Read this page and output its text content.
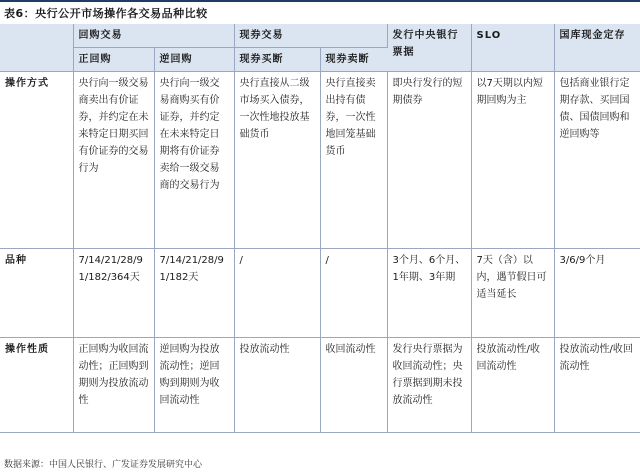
表6：央行公开市场操作各交易品种比较
	回购交易		现券交易		发行中央银行票据	SLO	国库现金定存
	正回购	逆回购	现券买断	现券卖断			
操作方式	央行向一级交易商卖出有价证券，并约定在未来特定日期买回有价证券的交易行为	央行向一级交易商购买有价证券，并约定在未来特定日期将有价证券卖给一级交易商的交易行为	央行直接从二级市场买入债券，一次性地投放基础货币	央行直接卖出持有债券，一次性地回笼基础货币	即央行发行的短期债券	以7天期以内短期回购为主	包括商业银行定期存款、买回国债、国债回购和逆回购等
品种	7/14/21/28/91/182/364天	7/14/21/28/91/182天	/	/	3个月、6个月、1年期、3年期	7天（含）以内，遇节假日可适当延长	3/6/9个月
操作性质	正回购为收回流动性；正回购到期则为投放流动性	逆回购为投放流动性；逆回购到期则为收回流动性	投放流动性	收回流动性	发行央行票据为收回流动性；央行票据到期未投放流动性	投放流动性/收回流动性	投放流动性/收回流动性
数据来源：中国人民银行、广发证券发展研究中心
